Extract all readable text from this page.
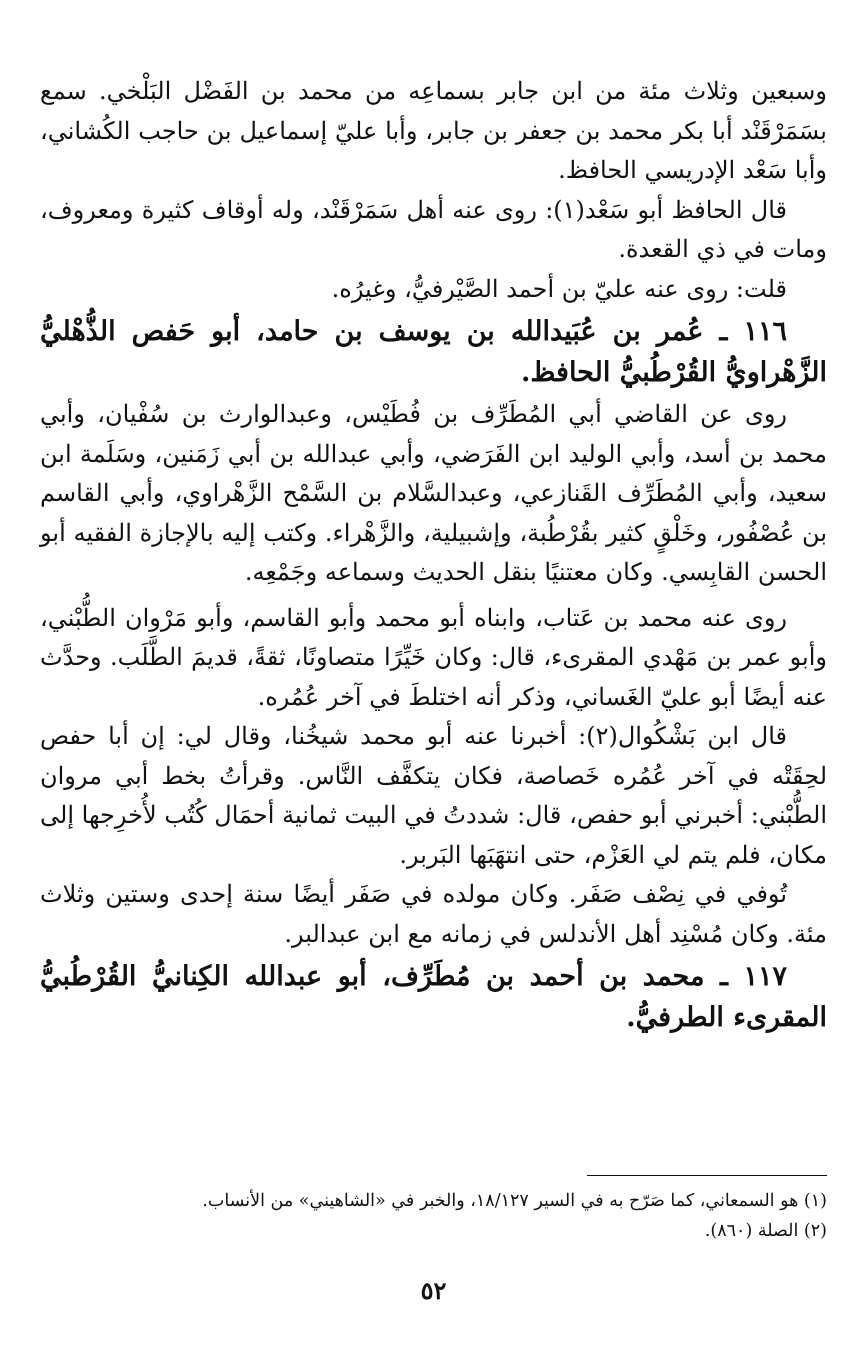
وسبعين وثلاث مئة من ابن جابر بسماعِه من محمد بن الفَضْل البَلْخي. سمع بسَمَرْقَنْد أبا بكر محمد بن جعفر بن جابر، وأبا عليّ إسماعيل بن حاجب الكُشاني، وأبا سَعْد الإدريسي الحافظ.

قال الحافظ أبو سَعْد(١): روى عنه أهل سَمَرْقَنْد، وله أوقاف كثيرة ومعروف، ومات في ذي القعدة.

قلت: روى عنه عليّ بن أحمد الصَّيْرفيُّ، وغيرُه.

١١٦ ـ عُمر بن عُبَيدالله بن يوسف بن حامد، أبو حَفص الذُّهْليُّ الزَّهْراويُّ القُرْطُبيُّ الحافظ.

روى عن القاضي أبي المُطَرِّف بن فُطَيْس، وعبدالوارث بن سُفْيان، وأبي محمد بن أسد، وأبي الوليد ابن الفَرَضي، وأبي عبدالله بن أبي زَمَنين، وسَلَمة ابن سعيد، وأبي المُطَرِّف القَنازعي، وعبدالسَّلام بن السَّمْح الزَّهْراوي، وأبي القاسم بن عُصْفُور، وخَلْقٍ كثير بقُرْطُبة، وإشبيلية، والزَّهْراء. وكتب إليه بالإجازة الفقيه أبو الحسن القابِسي. وكان معتنيًا بنقل الحديث وسماعه وجَمْعِه.

روى عنه محمد بن عَتاب، وابناه أبو محمد وأبو القاسم، وأبو مَرْوان الطُّبْني، وأبو عمر بن مَهْدي المقرىء، قال: وكان خَيِّرًا متصاونًا، ثقةً، قديمَ الطَّلَب. وحدَّث عنه أيضًا أبو عليّ الغَساني، وذكر أنه اختلطَ في آخر عُمُره.

قال ابن بَشْكُوال(٢): أخبرنا عنه أبو محمد شيخُنا، وقال لي: إن أبا حفص لحِقَتْه في آخر عُمُره خَصاصة، فكان يتكفَّف النَّاس. وقرأتُ بخط أبي مروان الطُّبْني: أخبرني أبو حفص، قال: شددتُ في البيت ثمانية أحمَال كُتُب لأُخرِجها إلى مكان، فلم يتم لي العَزْم، حتى انتهَبَها البَربر.

تُوفي في نِصْف صَفَر. وكان مولده في صَفَر أيضًا سنة إحدى وستين وثلاث مئة. وكان مُسْنِد أهل الأندلس في زمانه مع ابن عبدالبر.

١١٧ ـ محمد بن أحمد بن مُطَرِّف، أبو عبدالله الكِنانيُّ القُرْطُبيُّ المقرىء الطرفيُّ.

(١) هو السمعاني، كما صَرّح به في السير ١٨/١٢٧، والخبر في «الشاهيني» من الأنساب.

(٢) الصلة (٨٦٠).

٥٢
